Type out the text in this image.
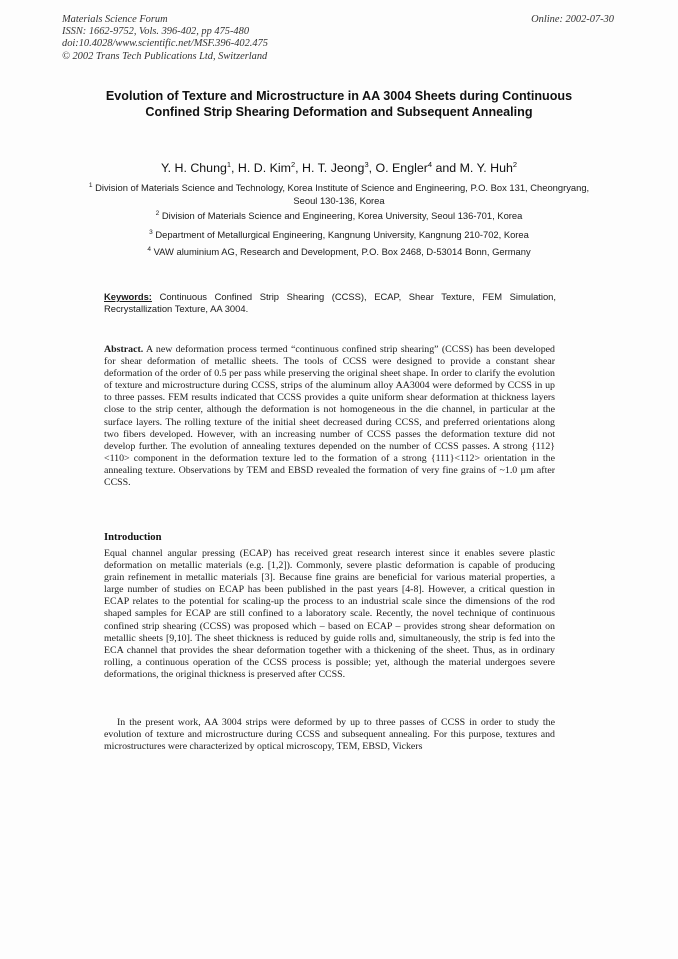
Materials Science Forum
ISSN: 1662-9752, Vols. 396-402, pp 475-480
doi:10.4028/www.scientific.net/MSF.396-402.475
© 2002 Trans Tech Publications Ltd, Switzerland
Online: 2002-07-30
Evolution of Texture and Microstructure in AA 3004 Sheets during Continuous Confined Strip Shearing Deformation and Subsequent Annealing
Y. H. Chung$^1$, H. D. Kim$^2$, H. T. Jeong$^3$, O. Engler$^4$ and M. Y. Huh$^2$
$^1$ Division of Materials Science and Technology, Korea Institute of Science and Engineering, P.O. Box 131, Cheongryang, Seoul 130-136, Korea
$^2$ Division of Materials Science and Engineering, Korea University, Seoul 136-701, Korea
$^3$ Department of Metallurgical Engineering, Kangnung University, Kangnung 210-702, Korea
$^4$ VAW aluminium AG, Research and Development, P.O. Box 2468, D-53014 Bonn, Germany
Keywords: Continuous Confined Strip Shearing (CCSS), ECAP, Shear Texture, FEM Simulation, Recrystallization Texture, AA 3004.
Abstract. A new deformation process termed “continuous confined strip shearing” (CCSS) has been developed for shear deformation of metallic sheets. The tools of CCSS were designed to provide a constant shear deformation of the order of 0.5 per pass while preserving the original sheet shape. In order to clarify the evolution of texture and microstructure during CCSS, strips of the aluminum alloy AA3004 were deformed by CCSS in up to three passes. FEM results indicated that CCSS provides a quite uniform shear deformation at thickness layers close to the strip center, although the deformation is not homogeneous in the die channel, in particular at the surface layers. The rolling texture of the initial sheet decreased during CCSS, and preferred orientations along two fibers developed. However, with an increasing number of CCSS passes the deformation texture did not develop further. The evolution of annealing textures depended on the number of CCSS passes. A strong {112}<110> component in the deformation texture led to the formation of a strong {111}<112> orientation in the annealing texture. Observations by TEM and EBSD revealed the formation of very fine grains of ~1.0 µm after CCSS.
Introduction

Equal channel angular pressing (ECAP) has received great research interest since it enables severe plastic deformation on metallic materials (e.g. [1,2]). Commonly, severe plastic deformation is capable of producing grain refinement in metallic materials [3]. Because fine grains are beneficial for various material properties, a large number of studies on ECAP has been published in the past years [4-8]. However, a critical question in ECAP relates to the potential for scaling-up the process to an industrial scale since the dimensions of the rod shaped samples for ECAP are still confined to a laboratory scale. Recently, the novel technique of continuous confined strip shearing (CCSS) was proposed which – based on ECAP – provides strong shear deformation on metallic sheets [9,10]. The sheet thickness is reduced by guide rolls and, simultaneously, the strip is fed into the ECA channel that provides the shear deformation together with a thickening of the sheet. Thus, as in ordinary rolling, a continuous operation of the CCSS process is possible; yet, although the material undergoes severe deformations, the original thickness is preserved after CCSS.

In the present work, AA 3004 strips were deformed by up to three passes of CCSS in order to study the evolution of texture and microstructure during CCSS and subsequent annealing. For this purpose, textures and microstructures were characterized by optical microscopy, TEM, EBSD, Vickers
